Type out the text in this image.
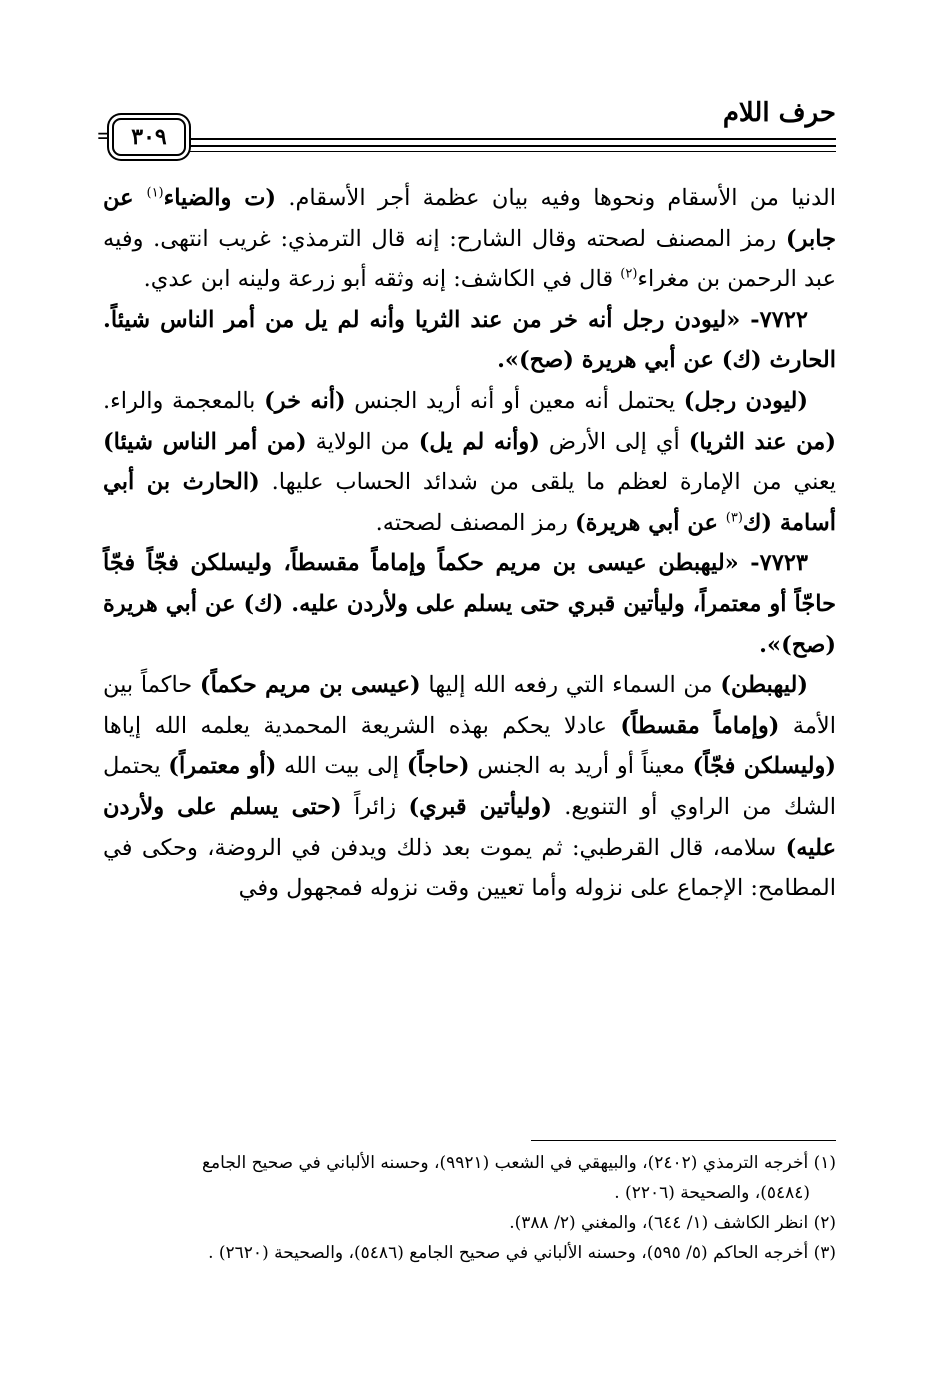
حرف اللام
= ٣٠٩

الدنيا من الأسقام ونحوها وفيه بيان عظمة أجر الأسقام. (ت والضياء$^{(١)}$ عن جابر) رمز المصنف لصحته وقال الشارح: إنه قال الترمذي: غريب انتهى. وفيه عبد الرحمن بن مغراء$^{(٢)}$ قال في الكاشف: إنه وثقه أبو زرعة ولينه ابن عدي.

٧٧٢٢- «ليودن رجل أنه خر من عند الثريا وأنه لم يل من أمر الناس شيئاً. الحارث (ك) عن أبي هريرة (صح)».

(ليودن رجل) يحتمل أنه معين أو أنه أريد الجنس (أنه خر) بالمعجمة والراء. (من عند الثريا) أي إلى الأرض (وأنه لم يل) من الولاية (من أمر الناس شيئا) يعني من الإمارة لعظم ما يلقى من شدائد الحساب عليها. (الحارث بن أبي أسامة (ك$^{(٣)}$ عن أبي هريرة) رمز المصنف لصحته.

٧٧٢٣- «ليهبطن عيسى بن مريم حكماً وإماماً مقسطاً، وليسلكن فجّاً فجّاً حاجّاً أو معتمراً، وليأتين قبري حتى يسلم على ولأردن عليه. (ك) عن أبي هريرة (صح)».

(ليهبطن) من السماء التي رفعه الله إليها (عيسى بن مريم حكماً) حاكماً بين الأمة (وإماماً مقسطاً) عادلا يحكم بهذه الشريعة المحمدية يعلمه الله إياها (وليسلكن فجّاً) معيناً أو أريد به الجنس (حاجاً) إلى بيت الله (أو معتمراً) يحتمل الشك من الراوي أو التنويع. (وليأتين قبري) زائراً (حتى يسلم على ولأردن عليه) سلامه، قال القرطبي: ثم يموت بعد ذلك ويدفن في الروضة، وحكى في المطامح: الإجماع على نزوله وأما تعيين وقت نزوله فمجهول وفي

(١) أخرجه الترمذي (٢٤٠٢)، والبيهقي في الشعب (٩٩٢١)، وحسنه الألباني في صحيح الجامع

(٥٤٨٤)، والصحيحة (٢٢٠٦) .

(٢) انظر الكاشف (١/ ٦٤٤)، والمغني (٢/ ٣٨٨).

(٣) أخرجه الحاكم (٥/ ٥٩٥)، وحسنه الألباني في صحيح الجامع (٥٤٨٦)، والصحيحة (٢٦٢٠) .
